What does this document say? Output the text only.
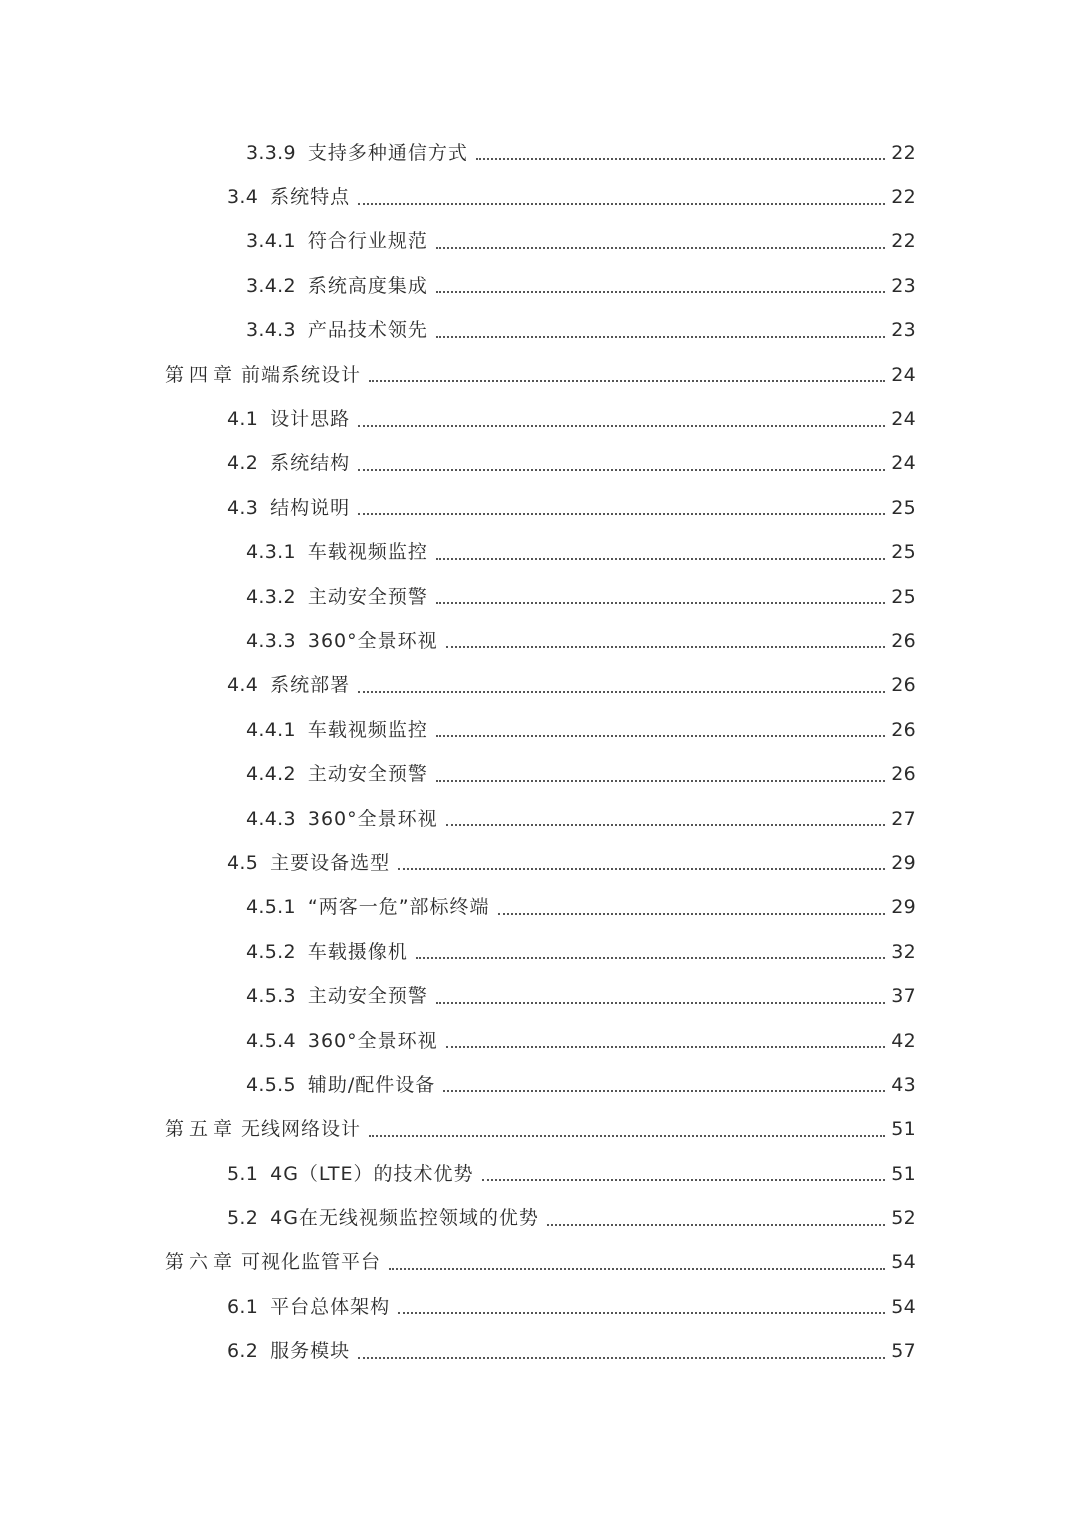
3.3.9 支持多种通信方式	22
3.4 系统特点	22
3.4.1 符合行业规范	22
3.4.2 系统高度集成	23
3.4.3 产品技术领先	23
第四章 前端系统设计	24
4.1 设计思路	24
4.2 系统结构	24
4.3 结构说明	25
4.3.1 车载视频监控	25
4.3.2 主动安全预警	25
4.3.3 360°全景环视	26
4.4 系统部署	26
4.4.1 车载视频监控	26
4.4.2 主动安全预警	26
4.4.3 360°全景环视	27
4.5 主要设备选型	29
4.5.1 “两客一危”部标终端	29
4.5.2 车载摄像机	32
4.5.3 主动安全预警	37
4.5.4 360°全景环视	42
4.5.5 辅助/配件设备	43
第五章 无线网络设计	51
5.1 4G（LTE）的技术优势	51
5.2 4G在无线视频监控领域的优势	52
第六章 可视化监管平台	54
6.1 平台总体架构	54
6.2 服务模块	57
